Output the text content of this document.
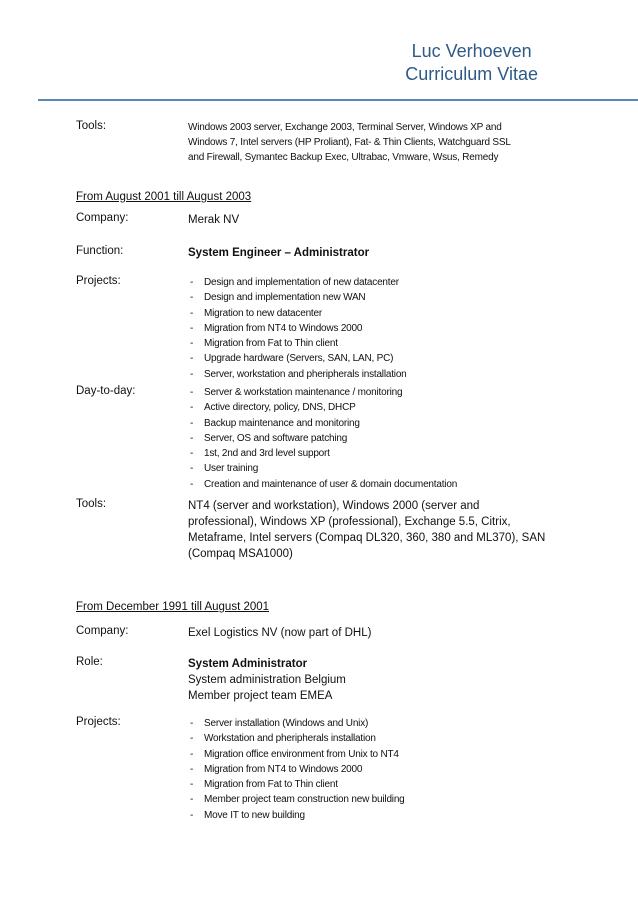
Luc Verhoeven
Curriculum Vitae
Tools:	Windows 2003 server, Exchange 2003, Terminal Server, Windows XP and
Windows 7, Intel servers (HP Proliant), Fat- & Thin Clients, Watchguard SSL
and Firewall, Symantec Backup Exec, Ultrabac, Vmware, Wsus, Remedy
From August 2001 till August 2003
Company:	Merak NV
Function:	System Engineer – Administrator
Projects:	- Design and implementation of new datacenter
- Design and implementation new WAN
- Migration to new datacenter
- Migration from NT4 to Windows 2000
- Migration from Fat to Thin client
- Upgrade hardware (Servers, SAN, LAN, PC)
- Server, workstation and pheripherals installation
Day-to-day:	- Server & workstation maintenance / monitoring
- Active directory, policy, DNS, DHCP
- Backup maintenance and monitoring
- Server, OS and software patching
- 1st, 2nd and 3rd level support
- User training
- Creation and maintenance of user & domain documentation
Tools:	NT4 (server and workstation), Windows 2000 (server and
professional), Windows XP (professional), Exchange 5.5, Citrix,
Metaframe, Intel servers (Compaq DL320, 360, 380 and ML370), SAN
(Compaq MSA1000)
From December 1991 till August 2001
Company:	Exel Logistics NV (now part of DHL)
Role:	System Administrator
System administration Belgium
Member project team EMEA
Projects:	- Server installation (Windows and Unix)
- Workstation and pheripherals installation
- Migration office environment from Unix to NT4
- Migration from NT4 to Windows 2000
- Migration from Fat to Thin client
- Member project team construction new building
- Move IT to new building
